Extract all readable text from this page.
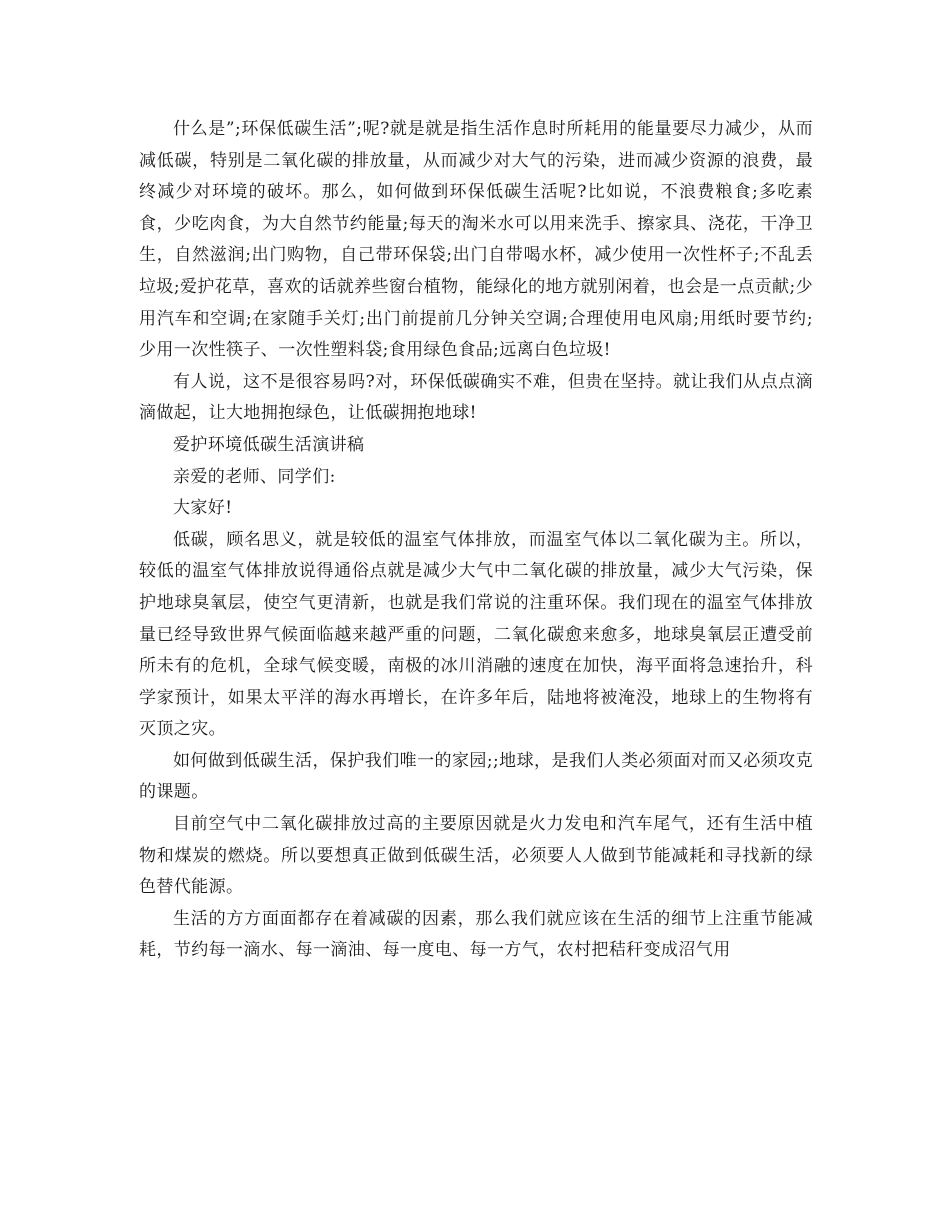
什么是”;环保低碳生活”;呢?就是就是指生活作息时所耗用的能量要尽力减少，从而减低碳，特别是二氧化碳的排放量，从而减少对大气的污染，进而减少资源的浪费，最终减少对环境的破坏。那么，如何做到环保低碳生活呢?比如说，不浪费粮食;多吃素食，少吃肉食，为大自然节约能量;每天的淘米水可以用来洗手、擦家具、浇花，干净卫生，自然滋润;出门购物，自己带环保袋;出门自带喝水杯，减少使用一次性杯子;不乱丢垃圾;爱护花草，喜欢的话就养些窗台植物，能绿化的地方就别闲着，也会是一点贡献;少用汽车和空调;在家随手关灯;出门前提前几分钟关空调;合理使用电风扇;用纸时要节约;少用一次性筷子、一次性塑料袋;食用绿色食品;远离白色垃圾!

有人说，这不是很容易吗?对，环保低碳确实不难，但贵在坚持。就让我们从点点滴滴做起，让大地拥抱绿色，让低碳拥抱地球!

爱护环境低碳生活演讲稿

亲爱的老师、同学们:

大家好!

低碳，顾名思义，就是较低的温室气体排放，而温室气体以二氧化碳为主。所以，较低的温室气体排放说得通俗点就是减少大气中二氧化碳的排放量，减少大气污染，保护地球臭氧层，使空气更清新，也就是我们常说的注重环保。我们现在的温室气体排放量已经导致世界气候面临越来越严重的问题，二氧化碳愈来愈多，地球臭氧层正遭受前所未有的危机，全球气候变暖，南极的冰川消融的速度在加快，海平面将急速抬升，科学家预计，如果太平洋的海水再增长，在许多年后，陆地将被淹没，地球上的生物将有灭顶之灾。

如何做到低碳生活，保护我们唯一的家园;;地球，是我们人类必须面对而又必须攻克的课题。

目前空气中二氧化碳排放过高的主要原因就是火力发电和汽车尾气，还有生活中植物和煤炭的燃烧。所以要想真正做到低碳生活，必须要人人做到节能减耗和寻找新的绿色替代能源。

生活的方方面面都存在着减碳的因素，那么我们就应该在生活的细节上注重节能减耗，节约每一滴水、每一滴油、每一度电、每一方气，农村把秸秆变成沼气用
